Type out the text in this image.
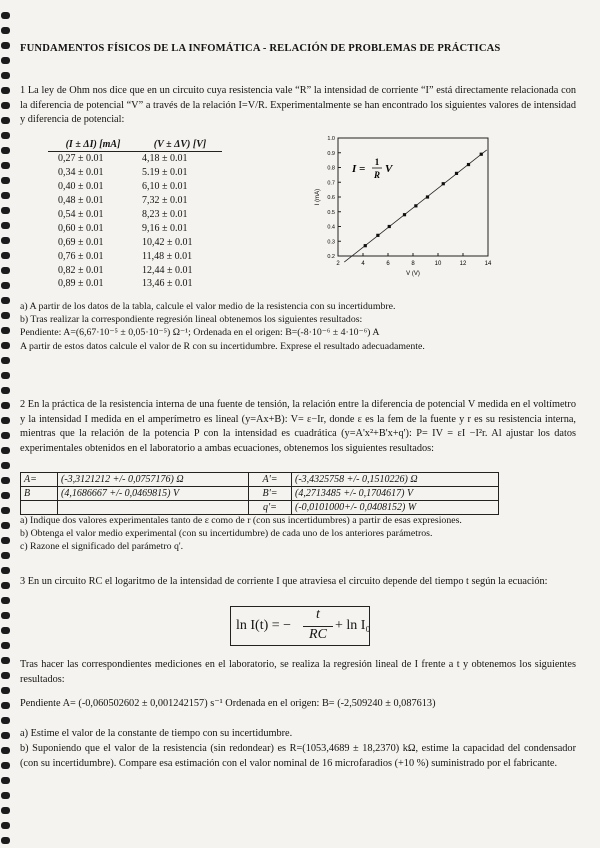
FUNDAMENTOS FÍSICOS DE LA INFOMÁTICA - RELACIÓN DE PROBLEMAS DE PRÁCTICAS
1 La ley de Ohm nos dice que en un circuito cuya resistencia vale “R” la intensidad de corriente “I” está directamente relacionada con la diferencia de potencial “V” a través de la relación I=V/R. Experimentalmente se han encontrado los siguientes valores de intensidad y diferencia de potencial:
(I ± ΔI) [mA]	(V ± ΔV) [V]
0,27 ± 0.01	4,18 ± 0.01
0,34 ± 0.01	5.19 ± 0.01
0,40 ± 0.01	6,10 ± 0.01
0,48 ± 0.01	7,32 ± 0.01
0,54 ± 0.01	8,23 ± 0.01
0,60 ± 0.01	9,16 ± 0.01
0,69 ± 0.01	10,42 ± 0.01
0,76 ± 0.01	11,48 ± 0.01
0,82 ± 0.01	12,44 ± 0.01
0,89 ± 0.01	13,46 ± 0.01
2	4	6	8	10	12	14
0.2
0.3
0.4
0.5
0.6
0.7
0.8
0.9
1.0
V (V)
I (mA)
I =
1
R V
a) A partir de los datos de la tabla, calcule el valor medio de la resistencia con su incertidumbre.
b) Tras realizar la correspondiente regresión lineal obtenemos los siguientes resultados:
Pendiente: A=(6,67·10⁻⁵ ± 0,05·10⁻⁵) Ω⁻¹; Ordenada en el origen: B=(-8·10⁻⁶ ± 4·10⁻⁶) A
A partir de estos datos calcule el valor de R con su incertidumbre. Exprese el resultado adecuadamente.
2 En la práctica de la resistencia interna de una fuente de tensión, la relación entre la diferencia de potencial V medida en el voltímetro y la intensidad I medida en el amperímetro es lineal (y=Ax+B): V= ε−Ir, donde ε es la fem de la fuente y r es su resistencia interna, mientras que la relación de la potencia P con la intensidad es cuadrática (y=A'x²+B'x+q'): P= IV = εI −I²r. Al ajustar los datos experimentales obtenidos en el laboratorio a ambas ecuaciones, obtenemos los siguientes resultados:
A=	(-3,3121212 +/- 0,0757176) Ω	A'=	(-3,4325758 +/- 0,1510226) Ω
B	(4,1686667 +/- 0,0469815) V	B'=	(4,2713485 +/- 0,1704617) V
		q'=	(-0,0101000+/- 0,0408152) W
a) Indique dos valores experimentales tanto de ε como de r (con sus incertidumbres) a partir de esas expresiones.
b) Obtenga el valor medio experimental (con su incertidumbre) de cada uno de los anteriores parámetros.
c) Razone el significado del parámetro q'.
3 En un circuito RC el logaritmo de la intensidad de corriente I que atraviesa el circuito depende del tiempo t según la ecuación:
ln I(t) = −
t
RC
+ ln I₀
Tras hacer las correspondientes mediciones en el laboratorio, se realiza la regresión lineal de I frente a t y obtenemos los siguientes resultados:
Pendiente A= (-0,060502602 ± 0,001242157) s⁻¹ Ordenada en el origen: B= (-2,509240 ± 0,087613)
a) Estime el valor de la constante de tiempo con su incertidumbre.
b) Suponiendo que el valor de la resistencia (sin redondear) es R=(1053,4689 ± 18,2370) kΩ, estime la capacidad del condensador (con su incertidumbre). Compare esa estimación con el valor nominal de 16 microfaradios (+10 %) suministrado por el fabricante.
